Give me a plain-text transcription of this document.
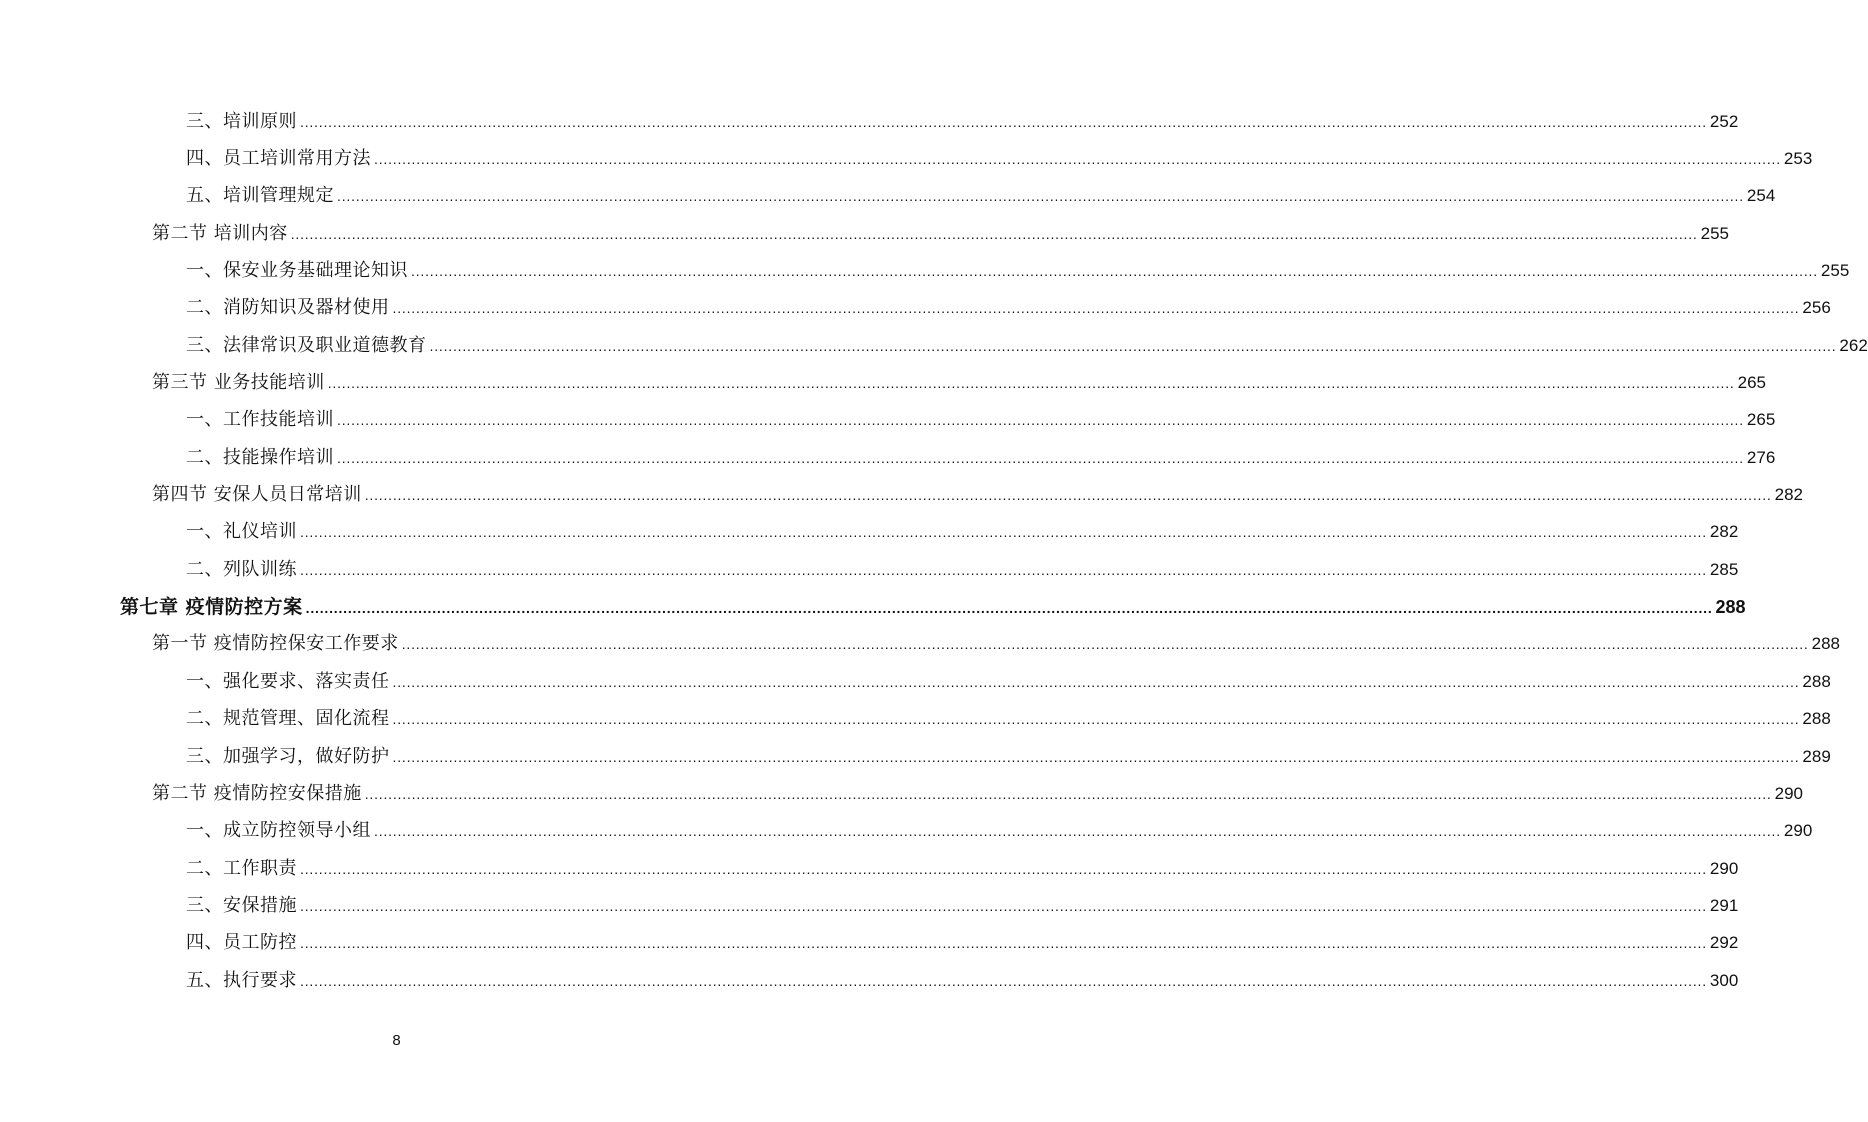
三、培训原则 ............................................................................................................................................................................................................................................................................................................ 252
四、员工培训常用方法 ............................................................................................................................................................................................................................................................................................................ 253
五、培训管理规定 ............................................................................................................................................................................................................................................................................................................ 254
第二节 培训内容 ............................................................................................................................................................................................................................................................................................................ 255
一、保安业务基础理论知识 ............................................................................................................................................................................................................................................................................................................ 255
二、消防知识及器材使用 ............................................................................................................................................................................................................................................................................................................ 256
三、法律常识及职业道德教育 ............................................................................................................................................................................................................................................................................................................ 262
第三节 业务技能培训 ............................................................................................................................................................................................................................................................................................................ 265
一、工作技能培训 ............................................................................................................................................................................................................................................................................................................ 265
二、技能操作培训 ............................................................................................................................................................................................................................................................................................................ 276
第四节 安保人员日常培训 ............................................................................................................................................................................................................................................................................................................ 282
一、礼仪培训 ............................................................................................................................................................................................................................................................................................................ 282
二、列队训练 ............................................................................................................................................................................................................................................................................................................ 285
第七章 疫情防控方案 ............................................................................................................................................................................................................................................................................................................ 288
第一节 疫情防控保安工作要求 ............................................................................................................................................................................................................................................................................................................ 288
一、强化要求、落实责任 ............................................................................................................................................................................................................................................................................................................ 288
二、规范管理、固化流程 ............................................................................................................................................................................................................................................................................................................ 288
三、加强学习，做好防护 ............................................................................................................................................................................................................................................................................................................ 289
第二节 疫情防控安保措施 ............................................................................................................................................................................................................................................................................................................ 290
一、成立防控领导小组 ............................................................................................................................................................................................................................................................................................................ 290
二、工作职责 ............................................................................................................................................................................................................................................................................................................ 290
三、安保措施 ............................................................................................................................................................................................................................................................................................................ 291
四、员工防控 ............................................................................................................................................................................................................................................................................................................ 292
五、执行要求 ............................................................................................................................................................................................................................................................................................................ 300
8
